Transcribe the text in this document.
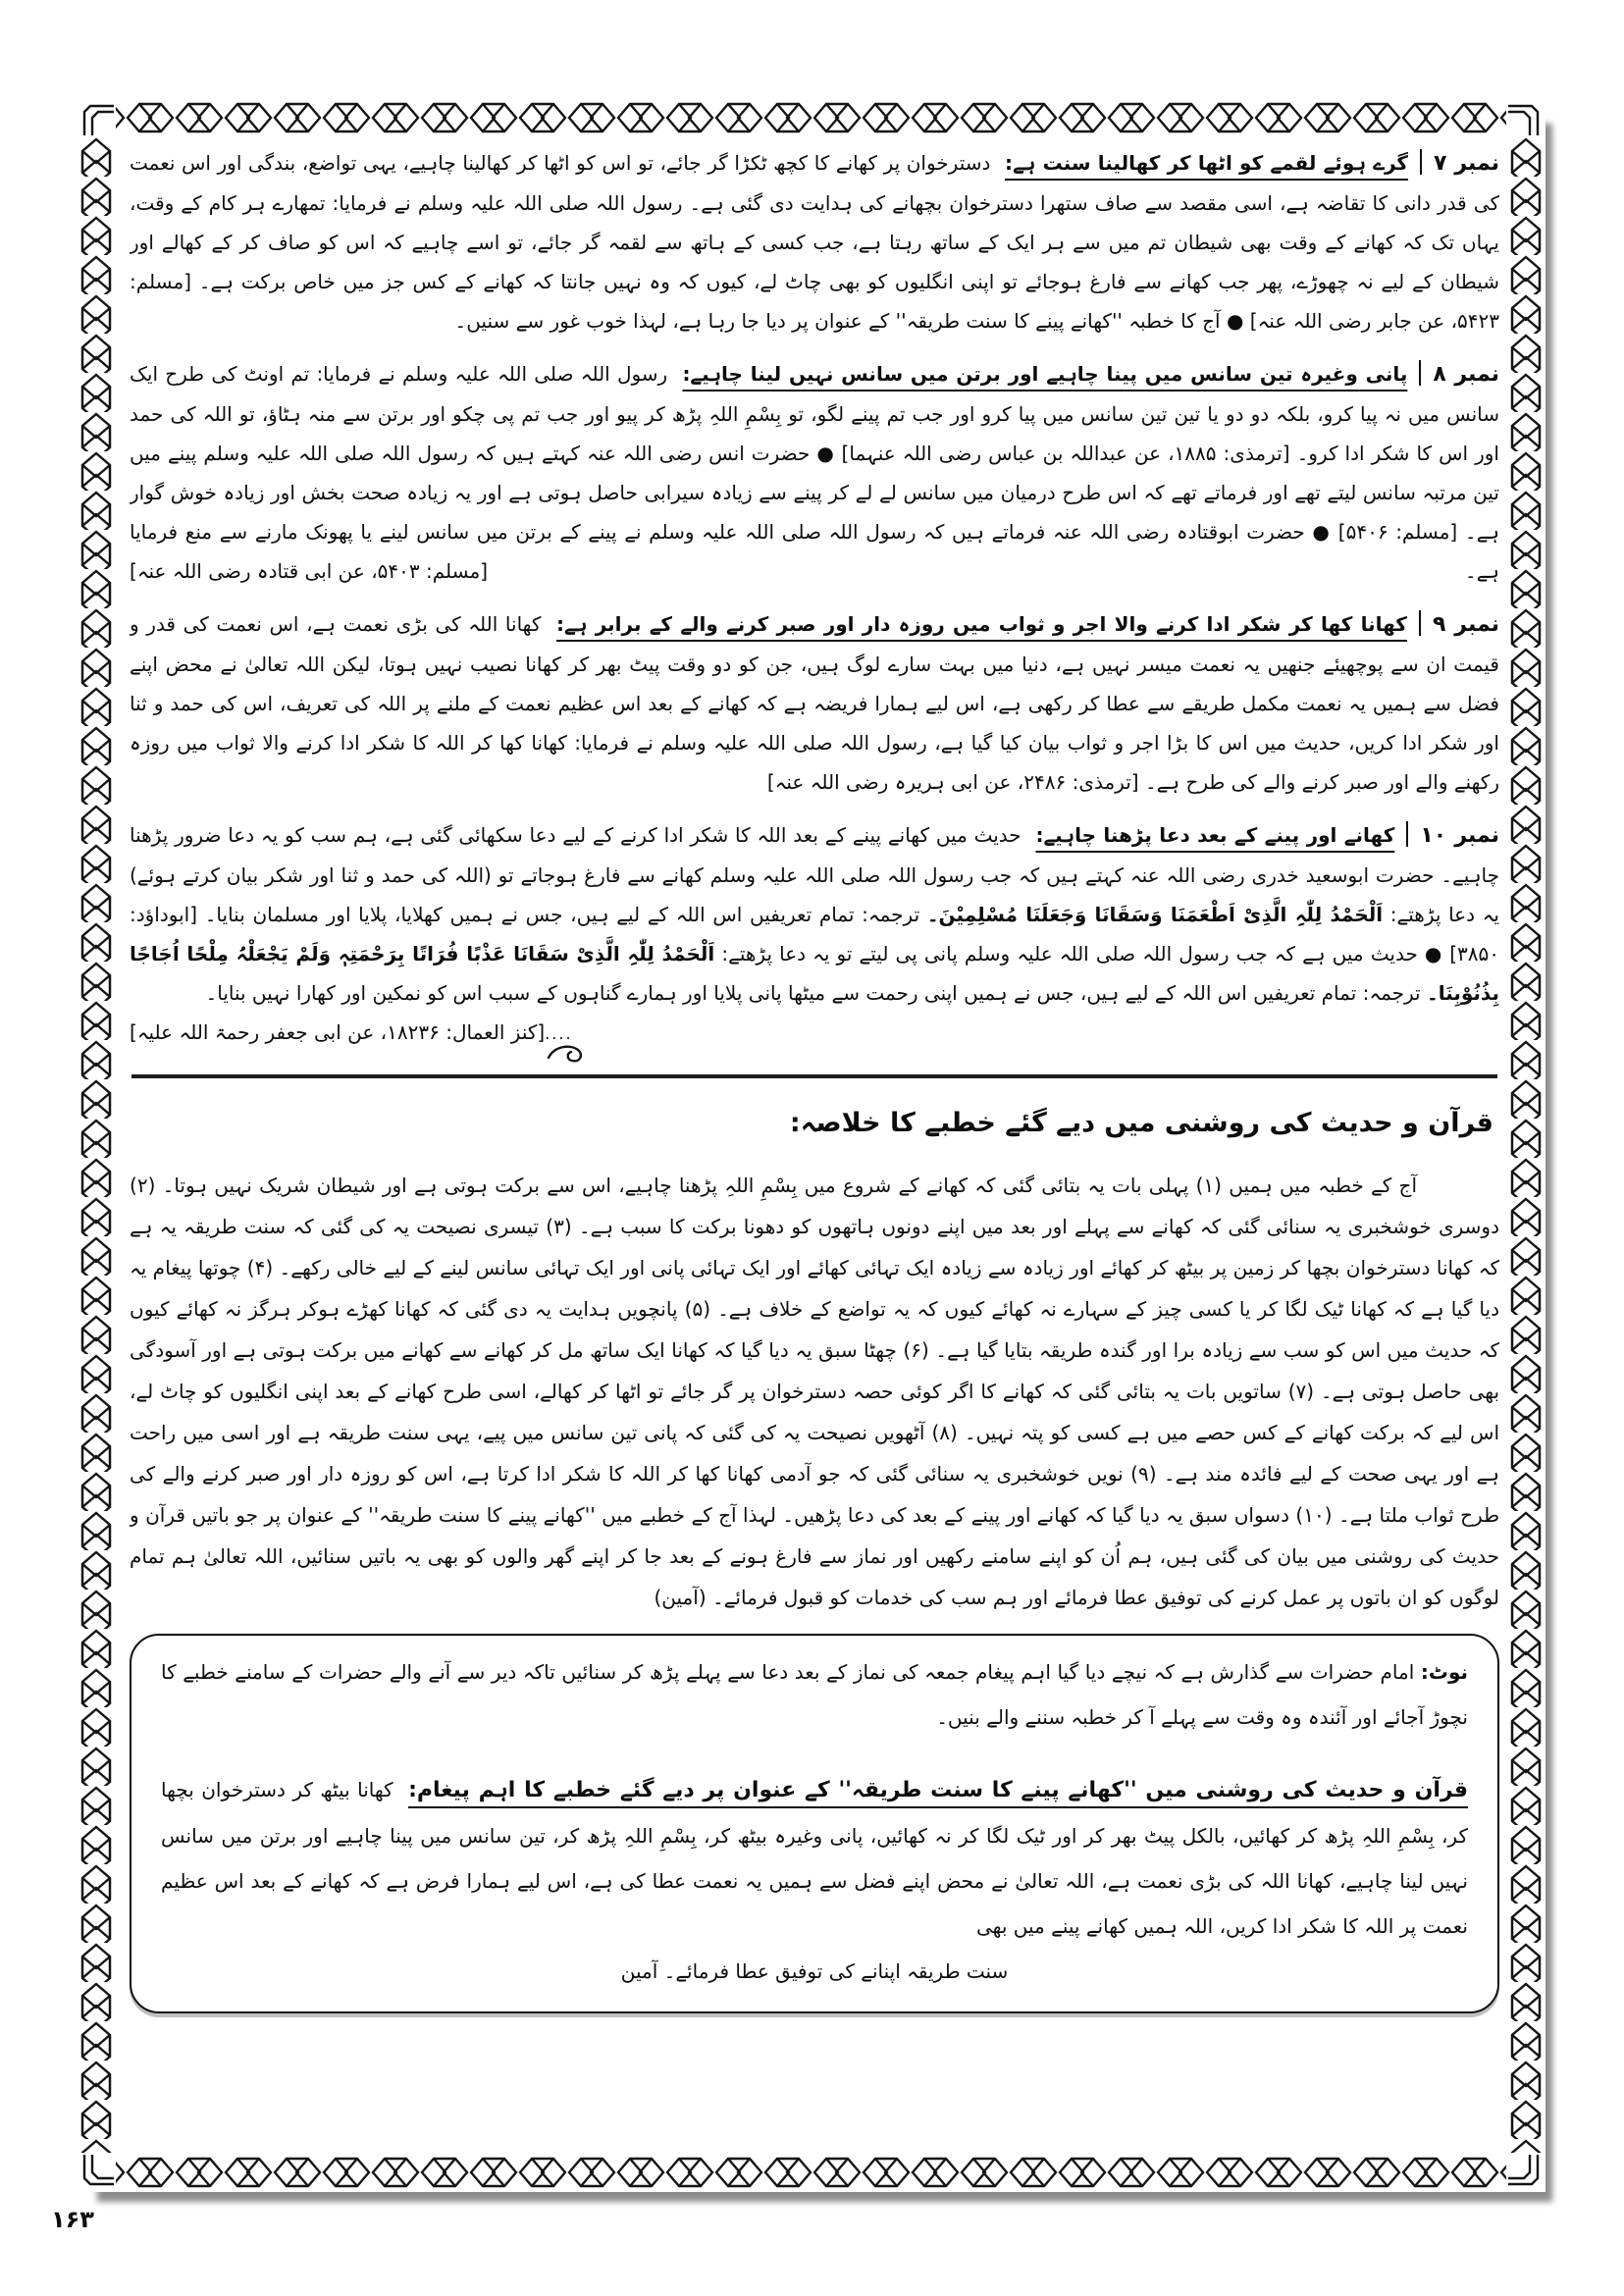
نمبر ۷گرے ہوئے لقمے کو اٹھا کر کھالینا سنت ہے: دسترخوان پر کھانے کا کچھ ٹکڑا گر جائے، تو اس کو اٹھا کر کھالینا چاہیے، یہی تواضع، بندگی اور اس نعمت کی قدر دانی کا تقاضہ ہے، اسی مقصد سے صاف ستھرا دسترخوان بچھانے کی ہدایت دی گئی ہے۔ رسول اللہ صلی اللہ علیہ وسلم نے فرمایا: تمھارے ہر کام کے وقت، یہاں تک کہ کھانے کے وقت بھی شیطان تم میں سے ہر ایک کے ساتھ رہتا ہے، جب کسی کے ہاتھ سے لقمہ گر جائے، تو اسے چاہیے کہ اس کو صاف کر کے کھالے اور شیطان کے لیے نہ چھوڑے، پھر جب کھانے سے فارغ ہوجائے تو اپنی انگلیوں کو بھی چاٹ لے، کیوں کہ وہ نہیں جانتا کہ کھانے کے کس جز میں خاص برکت ہے۔ [مسلم: ۵۴۲۳، عن جابر رضی اللہ عنہ] ● آج کا خطبہ ''کھانے پینے کا سنت طریقہ'' کے عنوان پر دیا جا رہا ہے، لہذا خوب غور سے سنیں۔

نمبر ۸پانی وغیرہ تین سانس میں پینا چاہیے اور برتن میں سانس نہیں لینا چاہیے: رسول اللہ صلی اللہ علیہ وسلم نے فرمایا: تم اونٹ کی طرح ایک سانس میں نہ پیا کرو، بلکہ دو دو یا تین تین سانس میں پیا کرو اور جب تم پینے لگو، تو بِسْمِ اللہِ پڑھ کر پیو اور جب تم پی چکو اور برتن سے منہ ہٹاؤ، تو اللہ کی حمد اور اس کا شکر ادا کرو۔ [ترمذی: ۱۸۸۵، عن عبداللہ بن عباس رضی اللہ عنہما] ● حضرت انس رضی اللہ عنہ کہتے ہیں کہ رسول اللہ صلی اللہ علیہ وسلم پینے میں تین مرتبہ سانس لیتے تھے اور فرماتے تھے کہ اس طرح درمیان میں سانس لے لے کر پینے سے زیادہ سیرابی حاصل ہوتی ہے اور یہ زیادہ صحت بخش اور زیادہ خوش گوار ہے۔ [مسلم: ۵۴۰۶] ● حضرت ابوقتادہ رضی اللہ عنہ فرماتے ہیں کہ رسول اللہ صلی اللہ علیہ وسلم نے پینے کے برتن میں سانس لینے یا پھونک مارنے سے منع فرمایا ہے۔
[مسلم: ۵۴۰۳، عن ابی قتادہ رضی اللہ عنہ]

نمبر ۹کھانا کھا کر شکر ادا کرنے والا اجر و ثواب میں روزہ دار اور صبر کرنے والے کے برابر ہے: کھانا اللہ کی بڑی نعمت ہے، اس نعمت کی قدر و قیمت ان سے پوچھیئے جنھیں یہ نعمت میسر نہیں ہے، دنیا میں بہت سارے لوگ ہیں، جن کو دو وقت پیٹ بھر کر کھانا نصیب نہیں ہوتا، لیکن اللہ تعالیٰ نے محض اپنے فضل سے ہمیں یہ نعمت مکمل طریقے سے عطا کر رکھی ہے، اس لیے ہمارا فریضہ ہے کہ کھانے کے بعد اس عظیم نعمت کے ملنے پر اللہ کی تعریف، اس کی حمد و ثنا اور شکر ادا کریں، حدیث میں اس کا بڑا اجر و ثواب بیان کیا گیا ہے، رسول اللہ صلی اللہ علیہ وسلم نے فرمایا: کھانا کھا کر اللہ کا شکر ادا کرنے والا ثواب میں روزہ رکھنے والے اور صبر کرنے والے کی طرح ہے۔ [ترمذی: ۲۴۸۶، عن ابی ہریرہ رضی اللہ عنہ]

نمبر ۱۰کھانے اور پینے کے بعد دعا پڑھنا چاہیے: حدیث میں کھانے پینے کے بعد اللہ کا شکر ادا کرنے کے لیے دعا سکھائی گئی ہے، ہم سب کو یہ دعا ضرور پڑھنا چاہیے۔ حضرت ابوسعید خدری رضی اللہ عنہ کہتے ہیں کہ جب رسول اللہ صلی اللہ علیہ وسلم کھانے سے فارغ ہوجاتے تو (اللہ کی حمد و ثنا اور شکر بیان کرتے ہوئے) یہ دعا پڑھتے: اَلْحَمْدُ لِلّٰہِ الَّذِیْ اَطْعَمَنَا وَسَقَانَا وَجَعَلَنَا مُسْلِمِیْنَ۔ ترجمہ: تمام تعریفیں اس اللہ کے لیے ہیں، جس نے ہمیں کھلایا، پلایا اور مسلمان بنایا۔ [ابوداؤد: ۳۸۵۰] ● حدیث میں ہے کہ جب رسول اللہ صلی اللہ علیہ وسلم پانی پی لیتے تو یہ دعا پڑھتے: اَلْحَمْدُ لِلّٰہِ الَّذِیْ سَقَانَا عَذْبًا فُرَاتًا بِرَحْمَتِہٖ وَلَمْ یَجْعَلْہُ مِلْحًا اُجَاجًا بِذُنُوْبِنَا۔ ترجمہ: تمام تعریفیں اس اللہ کے لیے ہیں، جس نے ہمیں اپنی رحمت سے میٹھا پانی پلایا اور ہمارے گناہوں کے سبب اس کو نمکین اور کھارا نہیں بنایا۔
[کنز العمال: ۱۸۲۳۶، عن ابی جعفر رحمۃ اللہ علیہ] ....
قرآن و حدیث کی روشنی میں دیے گئے خطبے کا خلاصہ:

آج کے خطبہ میں ہمیں (۱) پہلی بات یہ بتائی گئی کہ کھانے کے شروع میں بِسْمِ اللہِ پڑھنا چاہیے، اس سے برکت ہوتی ہے اور شیطان شریک نہیں ہوتا۔ (۲) دوسری خوشخبری یہ سنائی گئی کہ کھانے سے پہلے اور بعد میں اپنے دونوں ہاتھوں کو دھونا برکت کا سبب ہے۔ (۳) تیسری نصیحت یہ کی گئی کہ سنت طریقہ یہ ہے کہ کھانا دسترخوان بچھا کر زمین پر بیٹھ کر کھائے اور زیادہ سے زیادہ ایک تہائی کھائے اور ایک تہائی پانی اور ایک تہائی سانس لینے کے لیے خالی رکھے۔ (۴) چوتھا پیغام یہ دیا گیا ہے کہ کھانا ٹیک لگا کر یا کسی چیز کے سہارے نہ کھائے کیوں کہ یہ تواضع کے خلاف ہے۔ (۵) پانچویں ہدایت یہ دی گئی کہ کھانا کھڑے ہوکر ہرگز نہ کھائے کیوں کہ حدیث میں اس کو سب سے زیادہ برا اور گندہ طریقہ بتایا گیا ہے۔ (۶) چھٹا سبق یہ دیا گیا کہ کھانا ایک ساتھ مل کر کھانے سے کھانے میں برکت ہوتی ہے اور آسودگی بھی حاصل ہوتی ہے۔ (۷) ساتویں بات یہ بتائی گئی کہ کھانے کا اگر کوئی حصہ دسترخوان پر گر جائے تو اٹھا کر کھالے، اسی طرح کھانے کے بعد اپنی انگلیوں کو چاٹ لے، اس لیے کہ برکت کھانے کے کس حصے میں ہے کسی کو پتہ نہیں۔ (۸) آٹھویں نصیحت یہ کی گئی کہ پانی تین سانس میں پیے، یہی سنت طریقہ ہے اور اسی میں راحت ہے اور یہی صحت کے لیے فائدہ مند ہے۔ (۹) نویں خوشخبری یہ سنائی گئی کہ جو آدمی کھانا کھا کر اللہ کا شکر ادا کرتا ہے، اس کو روزہ دار اور صبر کرنے والے کی طرح ثواب ملتا ہے۔ (۱۰) دسواں سبق یہ دیا گیا کہ کھانے اور پینے کے بعد کی دعا پڑھیں۔ لہذا آج کے خطبے میں ''کھانے پینے کا سنت طریقہ'' کے عنوان پر جو باتیں قرآن و حدیث کی روشنی میں بیان کی گئی ہیں، ہم اُن کو اپنے سامنے رکھیں اور نماز سے فارغ ہونے کے بعد جا کر اپنے گھر والوں کو بھی یہ باتیں سنائیں، اللہ تعالیٰ ہم تمام لوگوں کو ان باتوں پر عمل کرنے کی توفیق عطا فرمائے اور ہم سب کی خدمات کو قبول فرمائے۔ (آمین)

نوٹ: امام حضرات سے گذارش ہے کہ نیچے دیا گیا اہم پیغام جمعہ کی نماز کے بعد دعا سے پہلے پڑھ کر سنائیں تاکہ دیر سے آنے والے حضرات کے سامنے خطبے کا نچوڑ آجائے اور آئندہ وہ وقت سے پہلے آ کر خطبہ سننے والے بنیں۔

قرآن و حدیث کی روشنی میں ''کھانے پینے کا سنت طریقہ'' کے عنوان پر دیے گئے خطبے کا اہم پیغام: کھانا بیٹھ کر دسترخوان بچھا کر، بِسْمِ اللہِ پڑھ کر کھائیں، بالکل پیٹ بھر کر اور ٹیک لگا کر نہ کھائیں، پانی وغیرہ بیٹھ کر، بِسْمِ اللہِ پڑھ کر، تین سانس میں پینا چاہیے اور برتن میں سانس نہیں لینا چاہیے، کھانا اللہ کی بڑی نعمت ہے، اللہ تعالیٰ نے محض اپنے فضل سے ہمیں یہ نعمت عطا کی ہے، اس لیے ہمارا فرض ہے کہ کھانے کے بعد اس عظیم نعمت پر اللہ کا شکر ادا کریں، اللہ ہمیں کھانے پینے میں بھی
سنت طریقہ اپنانے کی توفیق عطا فرمائے۔ آمین

۱۶۳
